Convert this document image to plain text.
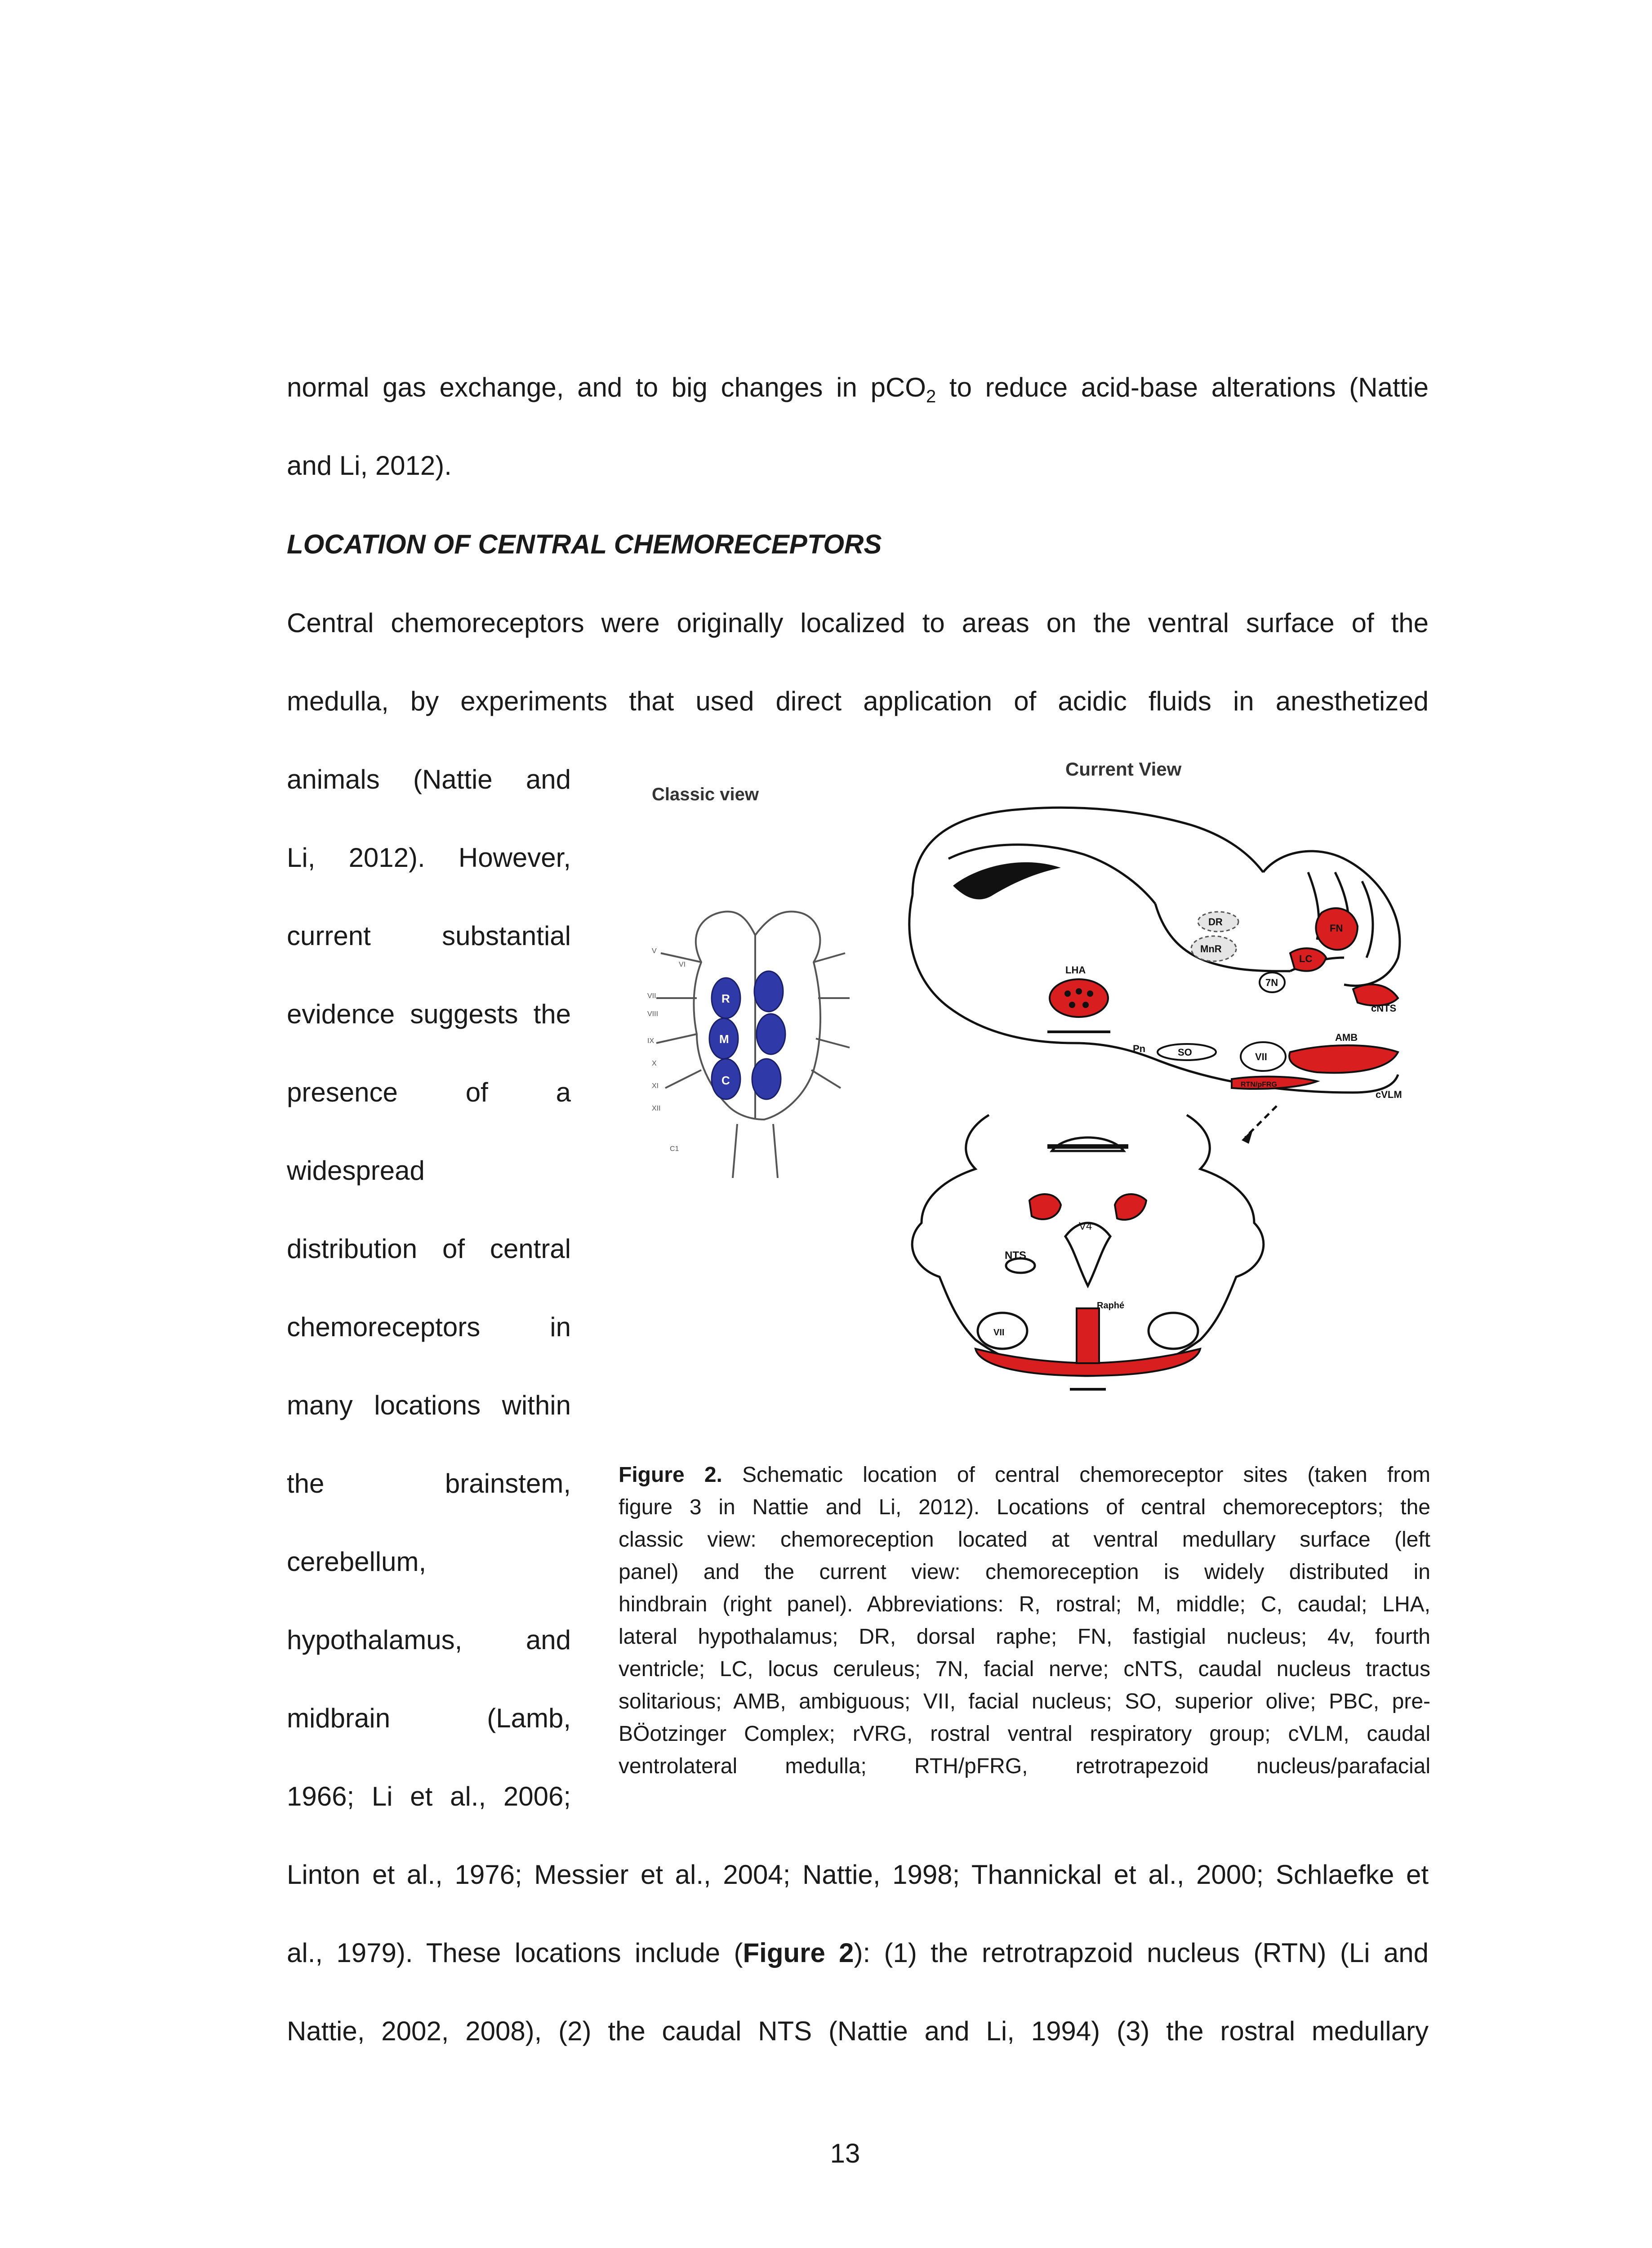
normal gas exchange, and to big changes in pCO$_2$ to reduce acid-base alterations (Nattie
and Li, 2012).
LOCATION OF CENTRAL CHEMORECEPTORS
Central chemoreceptors were originally localized to areas on the ventral surface of the
medulla, by experiments that used direct application of acidic fluids in anesthetized
animals (Nattie and
Li, 2012). However,
current substantial
evidence suggests the
presence of a
widespread
distribution of central
chemoreceptors in
many locations within
the brainstem,
cerebellum,
hypothalamus, and
midbrain (Lamb,
1966; Li et al., 2006;
Classic view
R
M
C
VI
V
VII
VIII
IX
X
XI
XII
C1
Current View
DR
MnR
FN
LC
7N
LHA
cNTS
AMB
Pn	SO	VII
RTN/pFRG
cVLM
V4
NTS
Raphé
VII
Figure 2. Schematic location of central chemoreceptor sites (taken from
figure 3 in Nattie and Li, 2012). Locations of central chemoreceptors; the
classic view: chemoreception located at ventral medullary surface (left
panel) and the current view: chemoreception is widely distributed in
hindbrain (right panel). Abbreviations: R, rostral; M, middle; C, caudal; LHA,
lateral hypothalamus; DR, dorsal raphe; FN, fastigial nucleus; 4v, fourth
ventricle; LC, locus ceruleus; 7N, facial nerve; cNTS, caudal nucleus tractus
solitarious; AMB, ambiguous; VII, facial nucleus; SO, superior olive; PBC, pre-
BÖotzinger Complex; rVRG, rostral ventral respiratory group; cVLM, caudal
ventrolateral medulla; RTH/pFRG, retrotrapezoid nucleus/parafacial
Linton et al., 1976; Messier et al., 2004; Nattie, 1998; Thannickal et al., 2000; Schlaefke et
al., 1979). These locations include (Figure 2): (1) the retrotrapzoid nucleus (RTN) (Li and
Nattie, 2002, 2008), (2) the caudal NTS (Nattie and Li, 1994) (3) the rostral medullary
13
